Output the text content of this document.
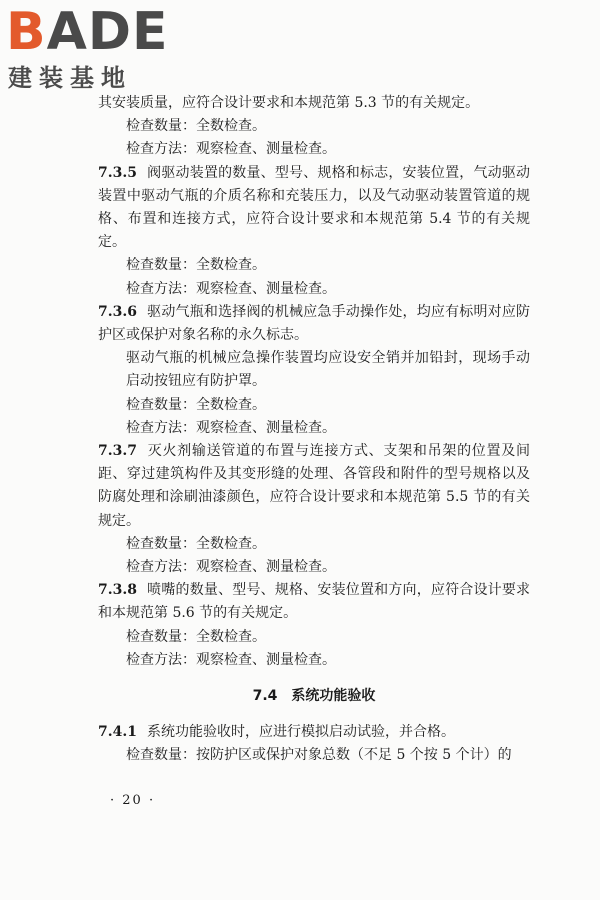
BADE
建装基地

其安装质量，应符合设计要求和本规范第 5.3 节的有关规定。

检查数量：全数检查。

检查方法：观察检查、测量检查。

7.3.5 阀驱动装置的数量、型号、规格和标志，安装位置，气动驱动装置中驱动气瓶的介质名称和充装压力，以及气动驱动装置管道的规格、布置和连接方式，应符合设计要求和本规范第 5.4 节的有关规定。

检查数量：全数检查。

检查方法：观察检查、测量检查。

7.3.6 驱动气瓶和选择阀的机械应急手动操作处，均应有标明对应防护区或保护对象名称的永久标志。

驱动气瓶的机械应急操作装置均应设安全销并加铅封，现场手动启动按钮应有防护罩。

检查数量：全数检查。

检查方法：观察检查、测量检查。

7.3.7 灭火剂输送管道的布置与连接方式、支架和吊架的位置及间距、穿过建筑构件及其变形缝的处理、各管段和附件的型号规格以及防腐处理和涂刷油漆颜色，应符合设计要求和本规范第 5.5 节的有关规定。

检查数量：全数检查。

检查方法：观察检查、测量检查。

7.3.8 喷嘴的数量、型号、规格、安装位置和方向，应符合设计要求和本规范第 5.6 节的有关规定。

检查数量：全数检查。

检查方法：观察检查、测量检查。

7.4 系统功能验收

7.4.1 系统功能验收时，应进行模拟启动试验，并合格。

检查数量：按防护区或保护对象总数（不足 5 个按 5 个计）的

· 20 ·
